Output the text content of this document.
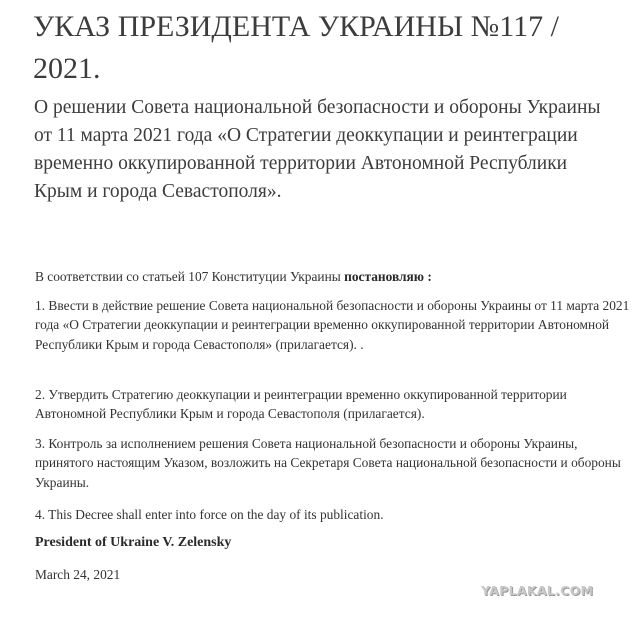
УКАЗ ПРЕЗИДЕНТА УКРАИНЫ №117 / 2021.

О решении Совета национальной безопасности и обороны Украины от 11 марта 2021 года «О Стратегии деоккупации и реинтеграции временно оккупированной территории Автономной Республики Крым и города Севастополя».

В соответствии со статьей 107 Конституции Украины постановляю :

1. Ввести в действие решение Совета национальной безопасности и обороны Украины от 11 марта 2021 года «О Стратегии деоккупации и реинтеграции временно оккупированной территории Автономной Республики Крым и города Севастополя» (прилагается). .

2. Утвердить Стратегию деоккупации и реинтеграции временно оккупированной территории Автономной Республики Крым и города Севастополя (прилагается).

3. Контроль за исполнением решения Совета национальной безопасности и обороны Украины, принятого настоящим Указом, возложить на Секретаря Совета национальной безопасности и обороны Украины.

4. This Decree shall enter into force on the day of its publication.

President of Ukraine V. Zelensky

March 24, 2021

YAPLAKAL.COM
